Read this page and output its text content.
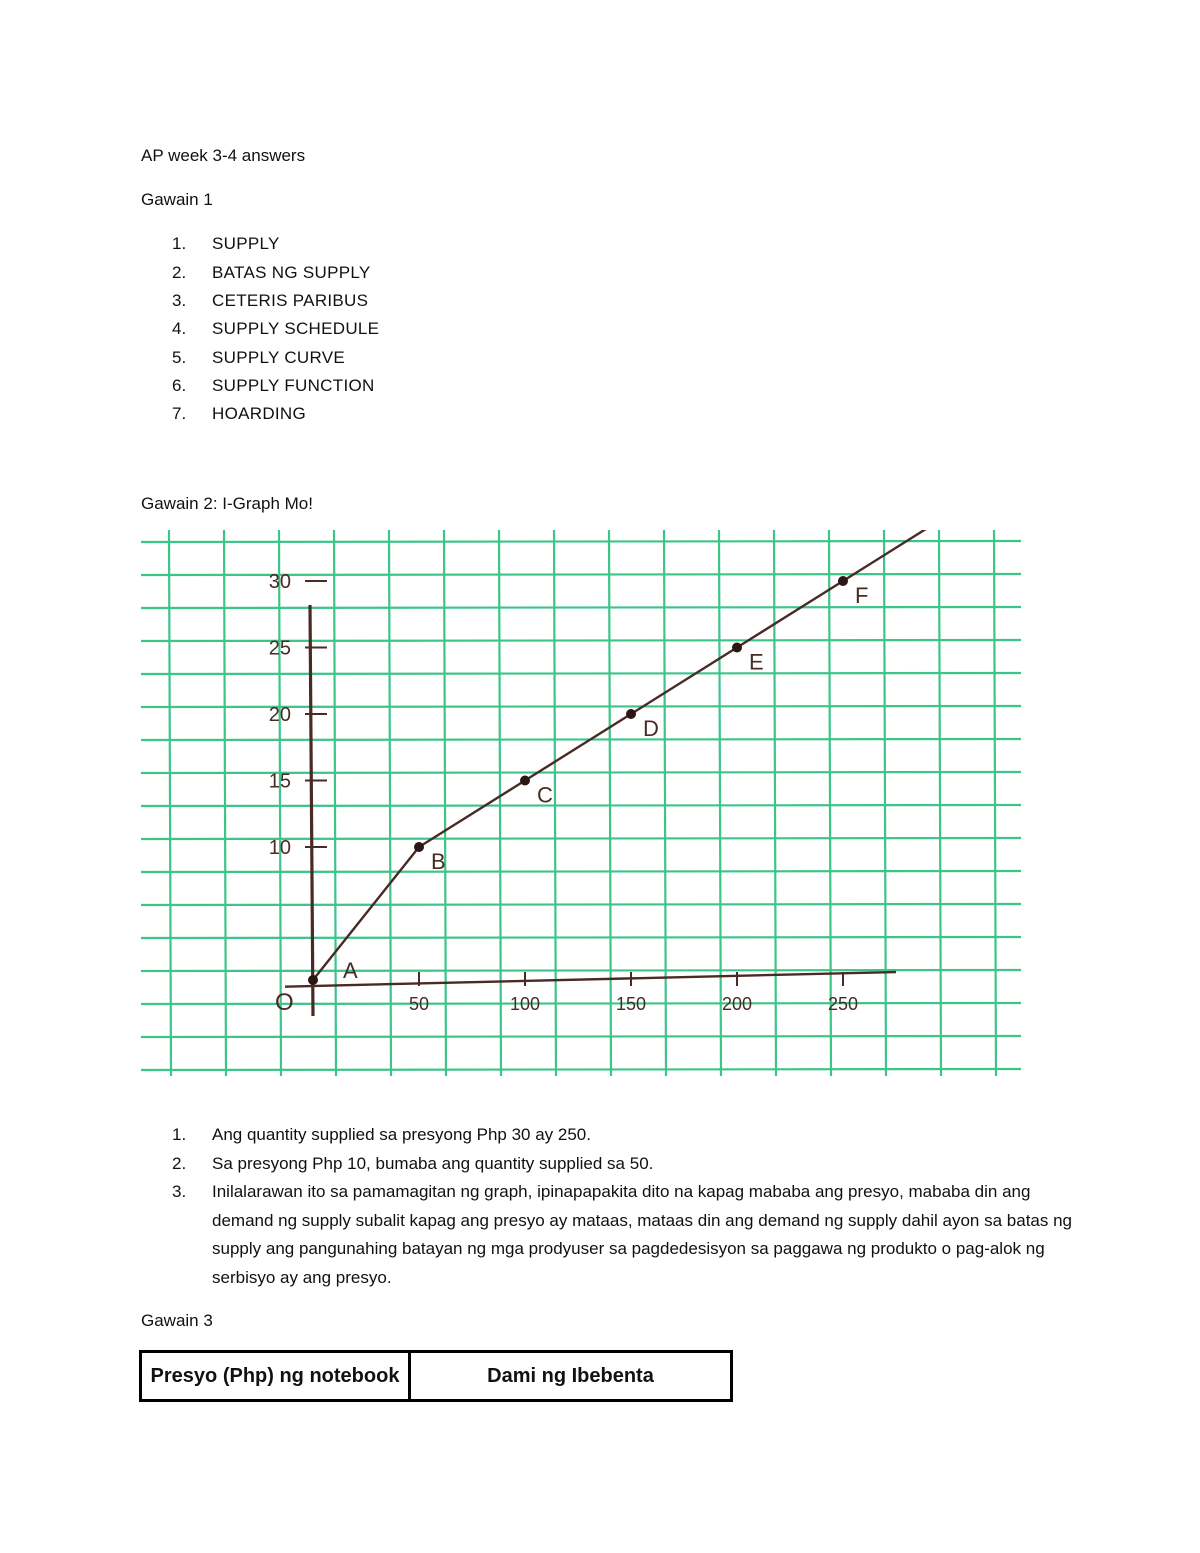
AP week 3-4 answers
Gawain 1
1. SUPPLY
2. BATAS NG SUPPLY
3. CETERIS PARIBUS
4. SUPPLY SCHEDULE
5. SUPPLY CURVE
6. SUPPLY FUNCTION
7. HOARDING
Gawain 2: I-Graph Mo!
50	100	150	200	250
10
15
20
25
30
A
B
C
D
E
F
O
1.	Ang quantity supplied sa presyong Php 30 ay 250.
2.	Sa presyong Php 10, bumaba ang quantity supplied sa 50.
3.	Inilalarawan ito sa pamamagitan ng graph, ipinapapakita dito na kapag mababa ang presyo, mababa din ang demand ng supply subalit kapag ang presyo ay mataas, mataas din ang demand ng supply dahil ayon sa batas ng supply ang pangunahing batayan ng mga prodyuser sa pagdedesisyon sa paggawa ng produkto o pag-alok ng serbisyo ay ang presyo.
Gawain 3
Presyo (Php) ng notebook	Dami ng Ibebenta
